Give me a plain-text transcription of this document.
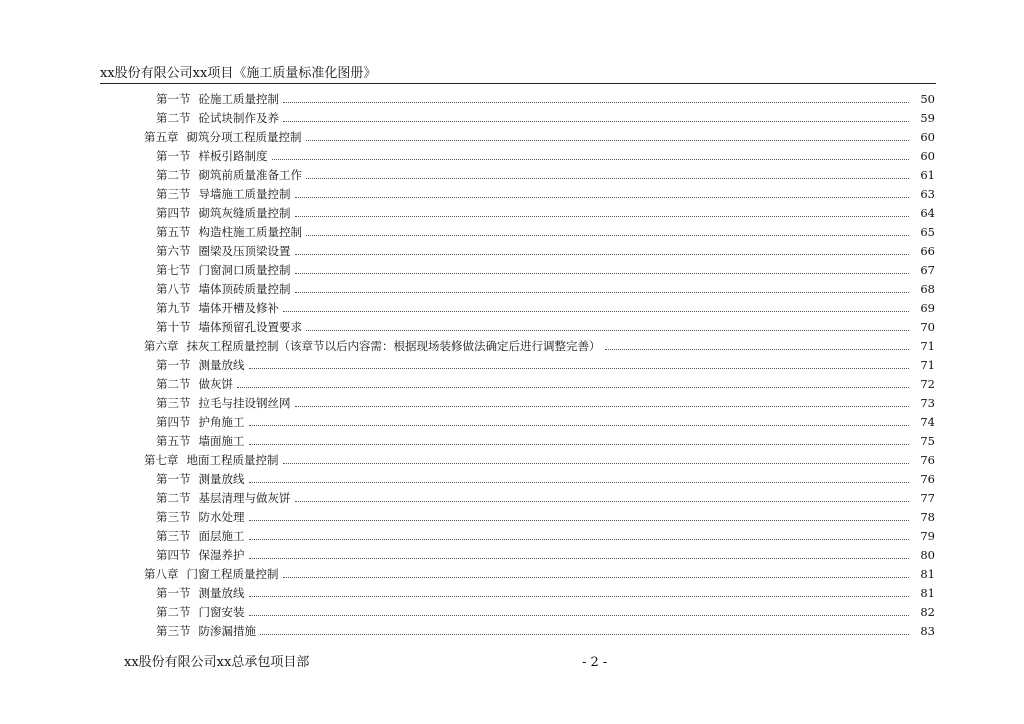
xx股份有限公司xx项目《施工质量标准化图册》
第一节 砼施工质量控制	50
第二节 砼试块制作及养	59
第五章 砌筑分项工程质量控制	60
第一节 样板引路制度	60
第二节 砌筑前质量准备工作	61
第三节 导墙施工质量控制	63
第四节 砌筑灰缝质量控制	64
第五节 构造柱施工质量控制	65
第六节 圈梁及压顶梁设置	66
第七节 门窗洞口质量控制	67
第八节 墙体顶砖质量控制	68
第九节 墙体开槽及修补	69
第十节 墙体预留孔设置要求	70
第六章 抹灰工程质量控制（该章节以后内容需：根据现场装修做法确定后进行调整完善）	71
第一节 测量放线	71
第二节 做灰饼	72
第三节 拉毛与挂设钢丝网	73
第四节 护角施工	74
第五节 墙面施工	75
第七章 地面工程质量控制	76
第一节 测量放线	76
第二节 基层清理与做灰饼	77
第三节 防水处理	78
第三节 面层施工	79
第四节 保湿养护	80
第八章 门窗工程质量控制	81
第一节 测量放线	81
第二节 门窗安装	82
第三节 防渗漏措施	83
xx股份有限公司xx总承包项目部	- 2 -
